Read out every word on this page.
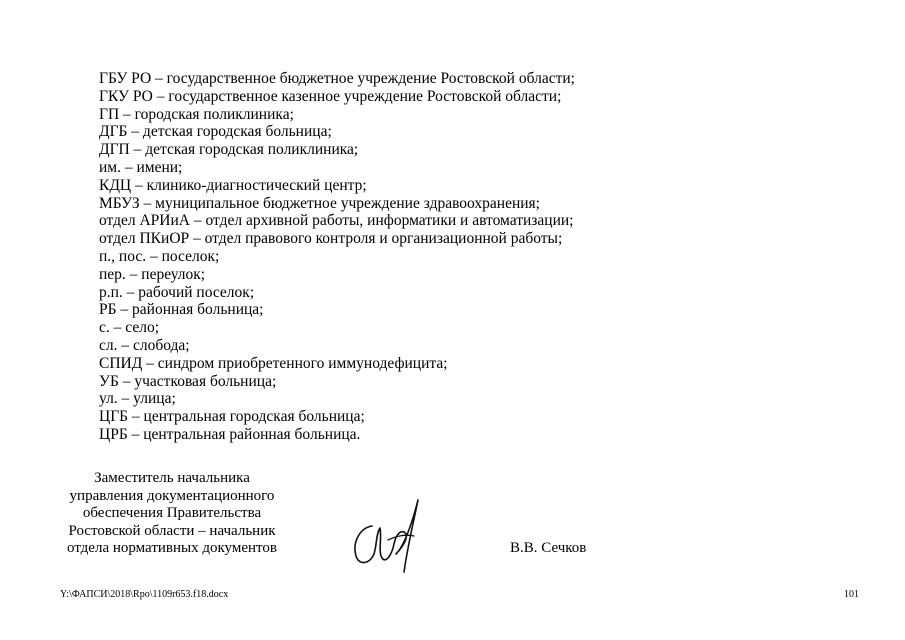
ГБУ РО – государственное бюджетное учреждение Ростовской области;
ГКУ РО – государственное казенное учреждение Ростовской области;
ГП – городская поликлиника;
ДГБ – детская городская больница;
ДГП – детская городская поликлиника;
им. – имени;
КДЦ – клинико-диагностический центр;
МБУЗ – муниципальное бюджетное учреждение здравоохранения;
отдел АРИиА – отдел архивной работы, информатики и автоматизации;
отдел ПКиОР – отдел правового контроля и организационной работы;
п., пос. – поселок;
пер. – переулок;
р.п. – рабочий поселок;
РБ – районная больница;
с. – село;
сл. – слобода;
СПИД – синдром приобретенного иммунодефицита;
УБ – участковая больница;
ул. – улица;
ЦГБ – центральная городская больница;
ЦРБ – центральная районная больница.
Заместитель начальника
управления документационного
обеспечения Правительства
Ростовской области – начальник
отдела нормативных документов	В.В. Сечков
Y:\ФАПСИ\2018\Rpo\1109r653.f18.docx	101
